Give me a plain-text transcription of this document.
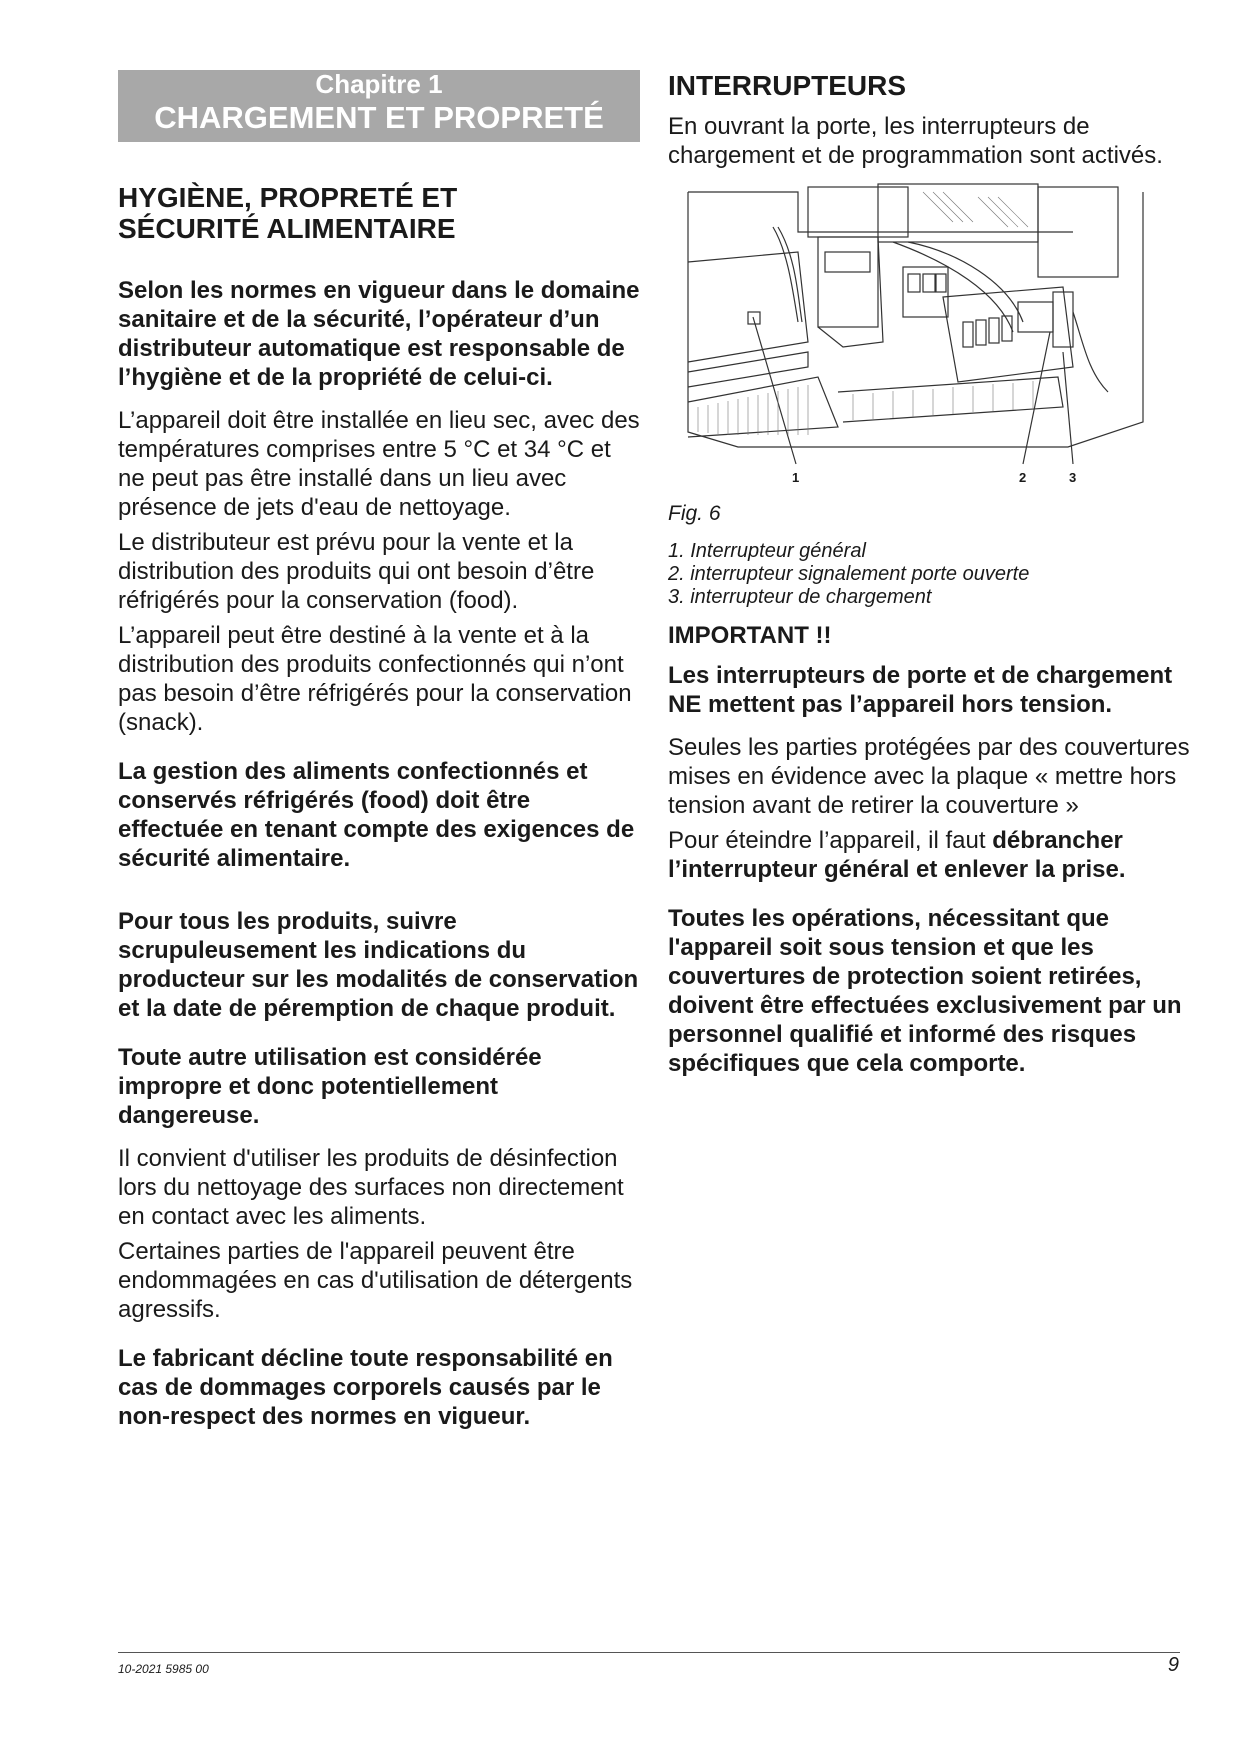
Chapitre 1
CHARGEMENT ET PROPRETÉ
HYGIÈNE, PROPRETÉ ET
SÉCURITÉ ALIMENTAIRE

Selon les normes en vigueur dans le domaine sanitaire et de la sécurité, l’opérateur d’un distributeur automatique est responsable de l’hygiène et de la propriété de celui-ci.

L’appareil doit être installée en lieu sec, avec des températures comprises entre 5 °C et 34 °C et ne peut pas être installé dans un lieu avec présence de jets d'eau de nettoyage.

Le distributeur est prévu pour la vente et la distribution des produits qui ont besoin d’être réfrigérés pour la conservation (food).

L’appareil peut être destiné à la vente et à la distribution des produits confectionnés qui n’ont pas besoin d’être réfrigérés pour la conservation (snack).

La gestion des aliments confectionnés et conservés réfrigérés (food) doit être effectuée en tenant compte des exigences de sécurité alimentaire.

Pour tous les produits, suivre scrupuleusement les indications du producteur sur les modalités de conservation et la date de péremption de chaque produit.

Toute autre utilisation est considérée impropre et donc potentiellement dangereuse.

Il convient d'utiliser les produits de désinfection lors du nettoyage des surfaces non directement en contact avec les aliments.

Certaines parties de l'appareil peuvent être endommagées en cas d'utilisation de détergents agressifs.

Le fabricant décline toute responsabilité en cas de dommages corporels causés par le non-respect des normes en vigueur.

INTERRUPTEURS

En ouvrant la porte, les interrupteurs de chargement et de programmation sont activés.

1	2	3
Fig. 6
1. Interrupteur général
2. interrupteur signalement porte ouverte
3. interrupteur de chargement
IMPORTANT !!

Les interrupteurs de porte et de chargement NE mettent pas l’appareil hors tension.

Seules les parties protégées par des couvertures mises en évidence avec la plaque « mettre hors tension avant de retirer la couverture »

Pour éteindre l’appareil, il faut débrancher l’interrupteur général et enlever la prise.

Toutes les opérations, nécessitant que l'appareil soit sous tension et que les couvertures de protection soient retirées, doivent être effectuées exclusivement par un personnel qualifié et informé des risques spécifiques que cela comporte.

10-2021 5985 00	9
